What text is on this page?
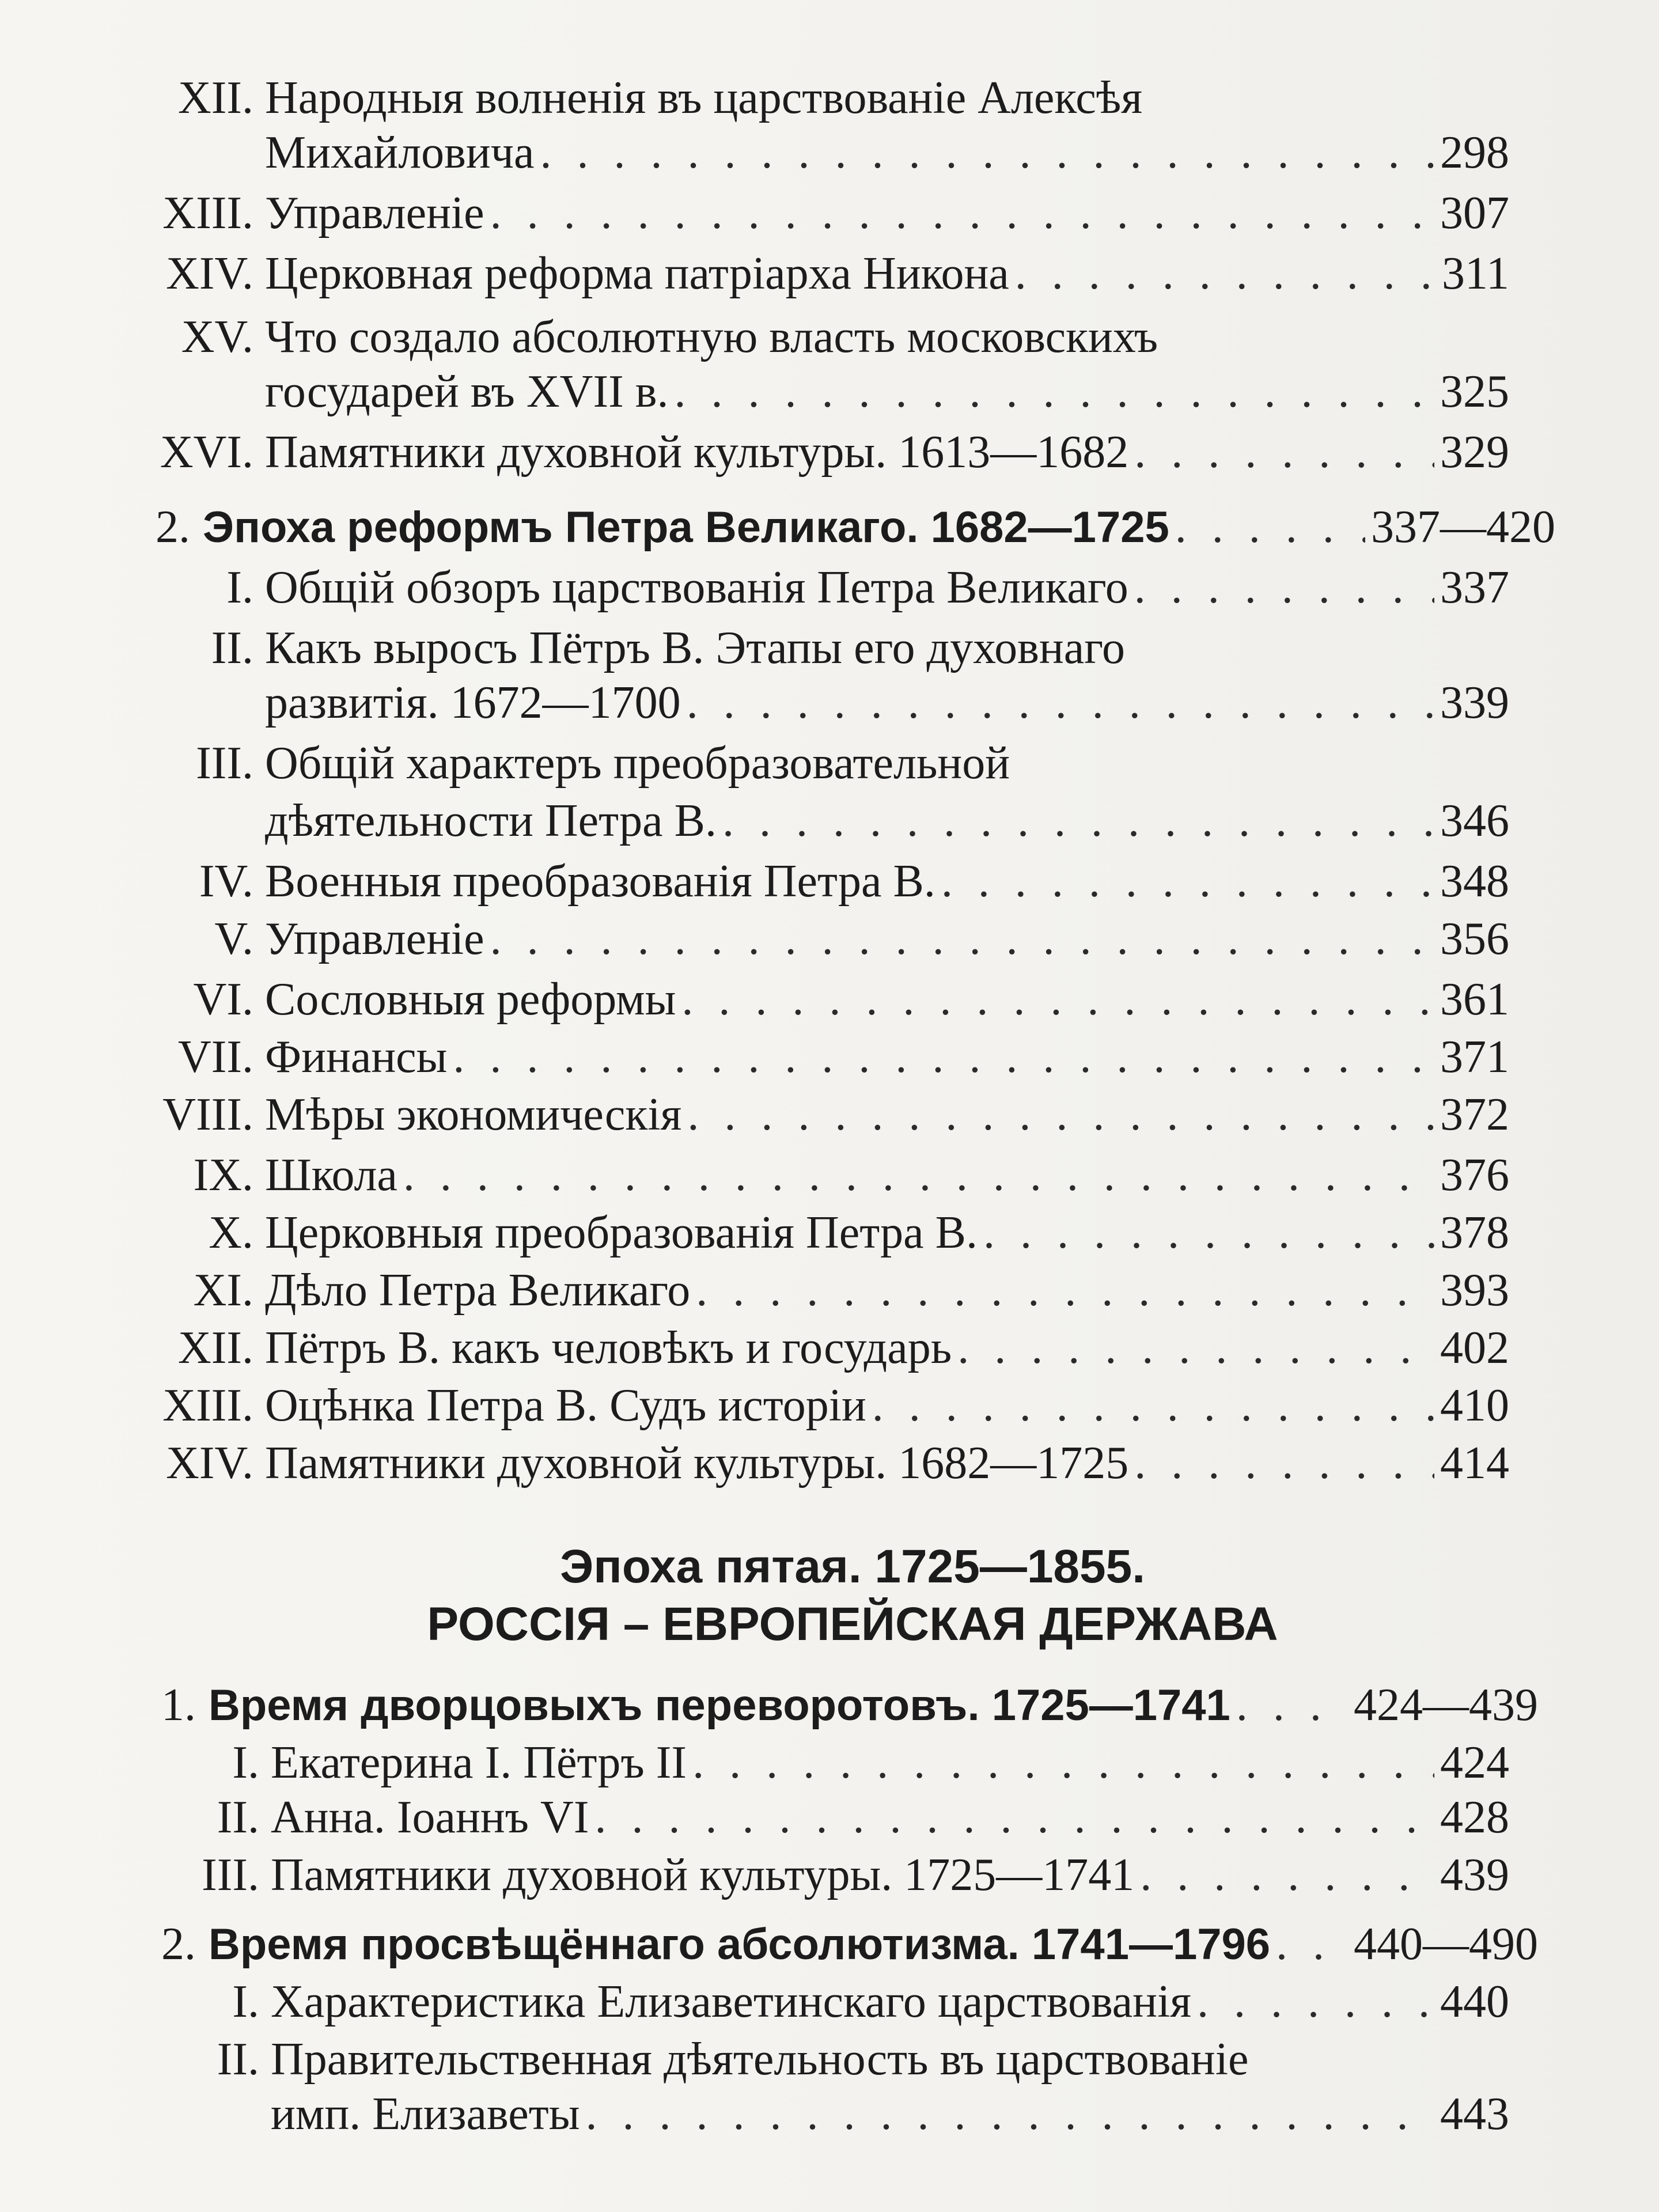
XII. Народныя волненія въ царствованіе Алексѣя
Михайловича . . .	298
XIII. Управленіе . . .	307
XIV. Церковная реформа патріарха Никона . . .	311
XV. Что создало абсолютную власть московскихъ
государей въ XVII в. . . .	325
XVI. Памятники духовной культуры. 1613—1682 . . .	329
2. Эпоха реформъ Петра Великаго. 1682—1725 . . .	337—420
I. Общій обзоръ царствованія Петра Великаго . . .	337
II. Какъ выросъ Пётръ В. Этапы его духовнаго
развитія. 1672—1700 . . .	339
III. Общій характеръ преобразовательной
дѣятельности Петра В. . . .	346
IV. Военныя преобразованія Петра В. . . .	348
V. Управленіе . . .	356
VI. Сословныя реформы . . .	361
VII. Финансы . . .	371
VIII. Мѣры экономическія . . .	372
IX. Школа . . .	376
X. Церковныя преобразованія Петра В. . . .	378
XI. Дѣло Петра Великаго . . .	393
XII. Пётръ В. какъ человѣкъ и государь . . .	402
XIII. Оцѣнка Петра В. Судъ исторіи . . .	410
XIV. Памятники духовной культуры. 1682—1725 . . .	414
Эпоха пятая. 1725—1855.
РОССІЯ – ЕВРОПЕЙСКАЯ ДЕРЖАВА
1. Время дворцовыхъ переворотовъ. 1725—1741 . . .	424—439
I. Екатерина I. Пётръ II . . .	424
II. Анна. Іоаннъ VI . . .	428
III. Памятники духовной культуры. 1725—1741 . . .	439
2. Время просвѣщённаго абсолютизма. 1741—1796 . . . 440—490
I. Характеристика Елизаветинскаго царствованія . . .	440
II. Правительственная дѣятельность въ царствованіе
имп. Елизаветы . . .	443
